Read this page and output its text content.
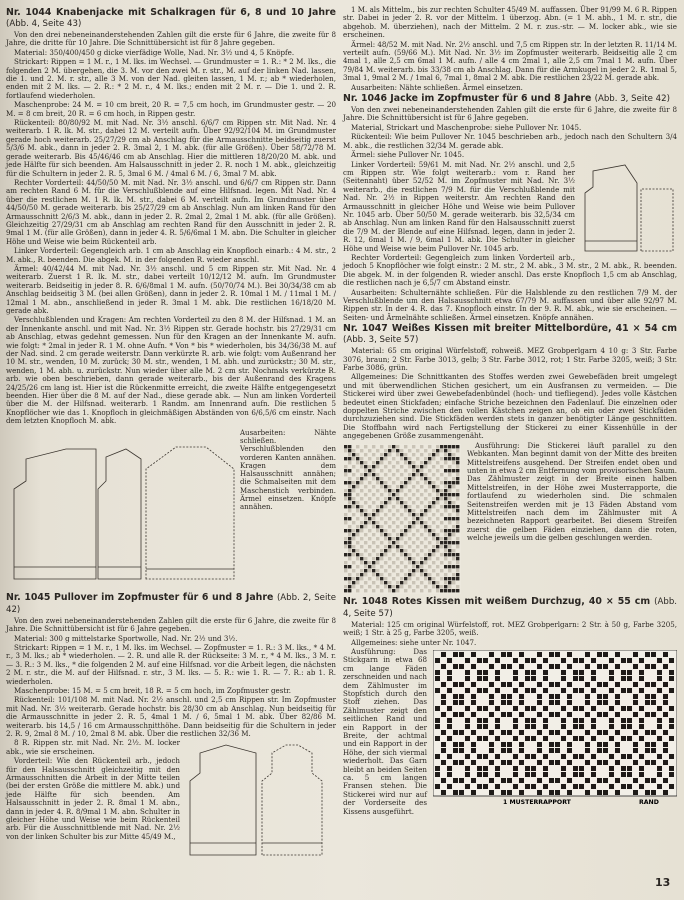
Nr. 1044 Knabenjacke mit Schalkragen für 6, 8 und 10 Jahre (Abb. 4, Seite 43)
Von den drei nebeneinanderstehenden Zahlen gilt die erste für 6 Jahre, die zweite für 8 Jahre, die dritte für 10 Jahre. Die Schnittübersicht ist für 8 Jahre gegeben.
Material: 350/400/450 g dicke vierfädige Wolle, Nad. Nr. 3½ und 4, 5 Knöpfe.
Strickart: Rippen = 1 M. r., 1 M. lks. im Wechsel. — Grundmuster = 1. R.: * 2 M. lks., die folgenden 2 M. übergehen, die 3. M. vor den zwei M. r. str., M. auf der linken Nad. lassen, die 1. und 2. M. r. str., alle 3 M. von der Nad. gleiten lassen, 1 M. r.; ab * wiederholen, enden mit 2 M. lks. — 2. R.: * 2 M. r., 4 M. lks.; enden mit 2 M. r. — Die 1. und 2. R. fortlaufend wiederholen.
Maschenprobe: 24 M. = 10 cm breit, 20 R. = 7,5 cm hoch, im Grundmuster gestr. — 20 M. = 8 cm breit, 20 R. = 6 cm hoch, in Rippen gestr.
Rückenteil: 80/80/92 M. mit Nad. Nr. 3½ anschl. 6/6/7 cm Rippen str. Mit Nad. Nr. 4 weiterarb. 1 R. lk. M. str., dabei 12 M. verteilt aufn. Über 92/92/104 M. im Grundmuster gerade hoch weiterarb. 25/27/29 cm ab Anschlag für die Armausschnitte beidseitig zuerst 5/3/6 M. abk., dann in jeder 2. R. 3mal 2, 1 M. abk. (für alle Größen). Über 58/72/78 M. gerade weiterarb. Bis 45/46/46 cm ab Anschlag. Hier die mittleren 18/20/20 M. abk. und jede Hälfte für sich beenden. Am Halsausschnitt in jeder 2. R. noch 1 M. abk., gleichzeitig für die Schultern in jeder 2. R. 5, 3mal 6 M. / 4mal 6 M. / 6, 3mal 7 M. abk.
Rechter Vorderteil: 44/50/50 M. mit Nad. Nr. 3½ anschl. und 6/6/7 cm Rippen str. Dann am rechten Rand 6 M. für die Verschlußblende auf eine Hilfsnad. legen. Mit Nad. Nr. 4 über die restlichen M. 1 R. lk. M. str., dabei 6 M. verteilt aufn. Im Grundmuster über 44/50/50 M. gerade weiterarb. bis 25/27/29 cm ab Anschlag. Nun am linken Rand für den Armausschnitt 2/6/3 M. abk., dann in jeder 2. R. 2mal 2, 2mal 1 M. abk. (für alle Größen). Gleichzeitig 27/29/31 cm ab Anschlag am rechten Rand für den Ausschnitt in jeder 2. R. 9mal 1 M. (für alle Größen), dann in jeder 4. R. 5/6/6mal 1 M. abn. Die Schulter in gleicher Höhe und Weise wie beim Rückenteil arb.
Linker Vorderteil: Gegengleich arb. 1 cm ab Anschlag ein Knopfloch einarb.: 4 M. str., 2 M. abk., R. beenden. Die abgek. M. in der folgenden R. wieder anschl.
Ärmel: 40/42/44 M. mit Nad. Nr. 3½ anschl. und 5 cm Rippen str. Mit Nad. Nr. 4 weiterarb. Zuerst 1 R. lk. M. str., dabei verteilt 10/12/12 M. aufn. Im Grundmuster weiterarb. Beidseitig in jeder 8. R. 6/6/8mal 1 M. aufn. (50/70/74 M.). Bei 30/34/38 cm ab Anschlag beidseitig 3 M. (bei allen Größen), dann in jeder 2. R. 10mal 1 M. / 11mal 1 M. / 12mal 1 M. abn., anschließend in jeder R. 3mal 1 M. abk. Die restlichen 16/18/20 M. gerade abk.
Verschlußblenden und Kragen: Am rechten Vorderteil zu den 8 M. der Hilfsnad. 1 M. an der Innenkante anschl. und mit Nad. Nr. 3½ Rippen str. Gerade hochstr. bis 27/29/31 cm ab Anschlag, etwas gedehnt gemessen. Nun für den Kragen an der Innenkante M. aufn. wie folgt: * 2mal in jeder R. 1 M. ohne Aufn. * Von * bis * wiederholen, bis 34/36/38 M. auf der Nad. sind. 2 cm gerade weiterstr. Dann verkürzte R. arb. wie folgt: vom Außenrand her 10 M. str., wenden, 10 M. zurück; 30 M. str., wenden, 1 M. abh. und zurückstr.; 30 M. str., wenden, 1 M. abh. u. zurückstr. Nun wieder über alle M. 2 cm str. Nochmals verkürzte R. arb. wie oben beschrieben, dann gerade weiterarb., bis der Außenrand des Kragens 24/25/26 cm lang ist. Hier ist die Rückenmitte erreicht, die zweite Hälfte entgegengesetzt beenden. Hier über die 8 M. auf der Nad., diese gerade abk. — Nun am linken Vorderteil über die M. der Hilfsnad. weiterarb. 1 Randm. am Innenrand aufn. Die restlichen 5 Knopflöcher wie das 1. Knopfloch in gleichmäßigen Abständen von 6/6,5/6 cm einstr. Nach dem letzten Knopfloch M. abk.
Ausarbeiten: Nähte schließen. Verschlußblenden den vorderen Kanten annähen. Kragen dem Halsausschnitt annähen; die Schmalseiten mit dem Maschenstich verbinden. Ärmel einsetzen. Knöpfe annähen.
Nr. 1045 Pullover im Zopfmuster für 6 und 8 Jahre (Abb. 2, Seite 42)
Von den zwei nebeneinanderstehenden Zahlen gilt die erste für 6 Jahre, die zweite für 8 Jahre. Die Schnittübersicht ist für 6 Jahre gegeben.
Material: 300 g mittelstarke Sportwolle, Nad. Nr. 2½ und 3½.
Strickart: Rippen = 1 M. r., 1 M. lks. im Wechsel. — Zopfmuster = 1. R.: 3 M. lks., * 4 M. r., 3 M. lks.; ab * wiederholen. — 2. R. und alle R. der Rückseite: 3 M. r., * 4 M. lks., 3 M. r. — 3. R.: 3 M. lks., * die folgenden 2 M. auf eine Hilfsnad. vor die Arbeit legen, die nächsten 2 M. r. str., die M. auf der Hilfsnad. r. str., 3 M. lks. — 5. R.: wie 1. R. — 7. R.: ab 1. R. wiederholen.
Maschenprobe: 15 M. = 5 cm breit, 18 R. = 5 cm hoch, im Zopfmuster gestr.
Rückenteil: 101/108 M. mit Nad. Nr. 2½ anschl. und 2,5 cm Rippen str. Im Zopfmuster mit Nad. Nr. 3½ weiterarb. Gerade hochstr. bis 28/30 cm ab Anschlag. Nun beidseitig für die Armausschnitte in jeder 2. R. 5, 4mal 1 M. / 6, 5mal 1 M. abk. Über 82/86 M. weiterarb. bis 14,5 / 16 cm Armausschnitthöhe. Dann beidseitig für die Schultern in jeder 2. R. 9, 2mal 8 M. / 10, 2mal 8 M. abk. Über die restlichen 32/36 M.
8 R. Rippen str. mit Nad. Nr. 2½. M. locker abk., wie sie erscheinen.
Vorderteil: Wie den Rückenteil arb., jedoch für den Halsausschnitt gleichzeitig mit den Armausschnitten die Arbeit in der Mitte teilen (bei der ersten Größe die mittlere M. abk.) und jede Hälfte für sich beenden. Am Halsausschnitt in jeder 2. R. 8mal 1 M. abn., dann in jeder 4. R. 8/9mal 1 M. abn. Schulter in gleicher Höhe und Weise wie beim Rückenteil arb. Für die Ausschnittblende mit Nad. Nr. 2½ von der linken Schulter bis zur Mitte 45/49 M.,
1 M. als Mittelm., bis zur rechten Schulter 45/49 M. auffassen. Über 91/99 M. 6 R. Rippen str. Dabei in jeder 2. R. vor der Mittelm. 1 überzog. Abn. (= 1 M. abh., 1 M. r. str., die abgehob. M. überziehen), nach der Mittelm. 2 M. r. zus.-str. — M. locker abk., wie sie erscheinen.
Ärmel: 48/52 M. mit Nad. Nr. 2½ anschl. und 7,5 cm Rippen str. In der letzten R. 11/14 M. verteilt aufn. (59/66 M.). Mit Nad. Nr. 3½ im Zopfmuster weiterarb. Beidseitig alle 2 cm 4mal 1, alle 2,5 cm 6mal 1 M. aufn. / alle 4 cm 2mal 1, alle 2,5 cm 7mal 1 M. aufn. Über 79/84 M. weiterarb. bis 33/38 cm ab Anschlag. Dann für die Armkugel in jeder 2. R. 1mal 5, 3mal 1, 9mal 2 M. / 1mal 6, 7mal 1, 8mal 2 M. abk. Die restlichen 23/22 M. gerade abk.
Ausarbeiten: Nähte schließen. Ärmel einsetzen.
Nr. 1046 Jacke im Zopfmuster für 6 und 8 Jahre (Abb. 3, Seite 42)
Von den zwei nebeneinanderstehenden Zahlen gilt die erste für 6 Jahre, die zweite für 8 Jahre. Die Schnittübersicht ist für 6 Jahre gegeben.
Material, Strickart und Maschenprobe: siehe Pullover Nr. 1045.
Rückenteil: Wie beim Pullover Nr. 1045 beschrieben arb., jedoch nach den Schultern 3/4 M. abk., die restlichen 32/34 M. gerade abk.
Ärmel: siehe Pullover Nr. 1045.
Linker Vorderteil: 59/61 M. mit Nad. Nr. 2½ anschl. und 2,5 cm Rippen str. Wie folgt weiterarb.: vom r. Rand her (Seitennaht) über 52/52 M. im Zopfmuster mit Nad. Nr. 3½ weiterarb., die restlichen 7/9 M. für die Verschlußblende mit Nad. Nr. 2½ in Rippen weiterstr. Am rechten Rand den Armausschnitt in gleicher Höhe und Weise wie beim Pullover Nr. 1045 arb. Über 50/50 M. gerade weiterarb. bis 32,5/34 cm ab Anschlag. Nun am linken Rand für den Halsausschnitt zuerst die 7/9 M. der Blende auf eine Hilfsnad. legen, dann in jeder 2. R. 12, 6mal 1 M. / 9, 6mal 1 M. abk. Die Schulter in gleicher Höhe und Weise wie beim Pullover Nr. 1045 arb.
Rechter Vorderteil: Gegengleich zum linken Vorderteil arb., jedoch 5 Knopflöcher wie folgt einstr.: 2 M. str., 2 M. abk., 3 M. str., 2 M. abk., R. beenden. Die abgek. M. in der folgenden R. wieder anschl. Das erste Knopfloch 1,5 cm ab Anschlag, die restlichen nach je 6,5/7 cm Abstand einstr.
Ausarbeiten: Schulternähte schließen. Für die Halsblende zu den restlichen 7/9 M. der Verschlußblende um den Halsausschnitt etwa 67/79 M. auffassen und über alle 92/97 M. Rippen str. In der 4. R. das 7. Knopfloch einstr. In der 9. R. M. abk., wie sie erscheinen. — Seiten- und Ärmelnähte schließen. Ärmel einsetzen. Knöpfe annähen.
Nr. 1047 Weißes Kissen mit breiter Mittelbordüre, 41 × 54 cm (Abb. 3, Seite 57)
Material: 65 cm original Würfelstoff, rohweiß. MEZ Grobperlgarn 4 10 g: 3 Str. Farbe 3076, braun; 2 Str. Farbe 3013, gelb; 3 Str. Farbe 3012, rot; 1 Str. Farbe 3205, weiß; 3 Str. Farbe 3086, grün.
Allgemeines: Die Schnittkanten des Stoffes werden zwei Gewebefäden breit umgelegt und mit überwendlichen Stichen gesichert, um ein Ausfransen zu vermeiden. — Die Stickerei wird über zwei Gewebefadenbündel (hoch- und tiefliegend). Jedes volle Kästchen bedeutet einen Stickfaden; einfache Striche bezeichnen den Fadenlauf. Die einzelnen oder doppelten Striche zwischen den vollen Kästchen zeigen an, ob ein oder zwei Stickfäden durchzuziehen sind. Die Stickfäden werden stets in ganzer benötigter Länge geschnitten. Die Stoffbahn wird nach Fertigstellung der Stickerei zu einer Kissenhülle in der angegebenen Größe zusammengenäht.
Ausführung: Die Stickerei läuft parallel zu den Webkanten. Man beginnt damit von der Mitte des breiten Mittelstreifens ausgehend. Der Streifen endet oben und unten in etwa 2 cm Entfernung vom provisorischen Saum. Das Zählmuster zeigt in der Breite einen halben Mittelstreifen, in der Höhe zwei Musterrapporte, die fortlaufend zu wiederholen sind. Die schmalen Seitenstreifen werden mit je 13 Fäden Abstand vom Mittelstreifen nach dem im Zählmuster mit A bezeichneten Rapport gearbeitet. Bei diesem Streifen zuerst die gelben Fäden einziehen, dann die roten, welche jeweils um die gelben geschlungen werden.
Nr. 1048 Rotes Kissen mit weißem Durchzug, 40 × 55 cm (Abb. 4, Seite 57)
Material: 125 cm original Würfelstoff, rot. MEZ Grobperlgarn: 2 Str. à 50 g, Farbe 3205, weiß; 1 Str. à 25 g, Farbe 3205, weiß.
Allgemeines: siehe unter Nr. 1047.
1 MUSTERRAPPORT	RAND
Ausführung: Das Stickgarn in etwa 68 cm lange Fäden zerschneiden und nach dem Zählmuster im Stopfstich durch den Stoff ziehen. Das Zählmuster zeigt den seitlichen Rand und ein Rapport in der Breite, der achtmal und ein Rapport in der Höhe, der sich viermal wiederholt. Das Garn bleibt an beiden Seiten ca. 5 cm langen Fransen stehen. Die Stickerei wird nur auf der Vorderseite des Kissens ausgeführt.
13
